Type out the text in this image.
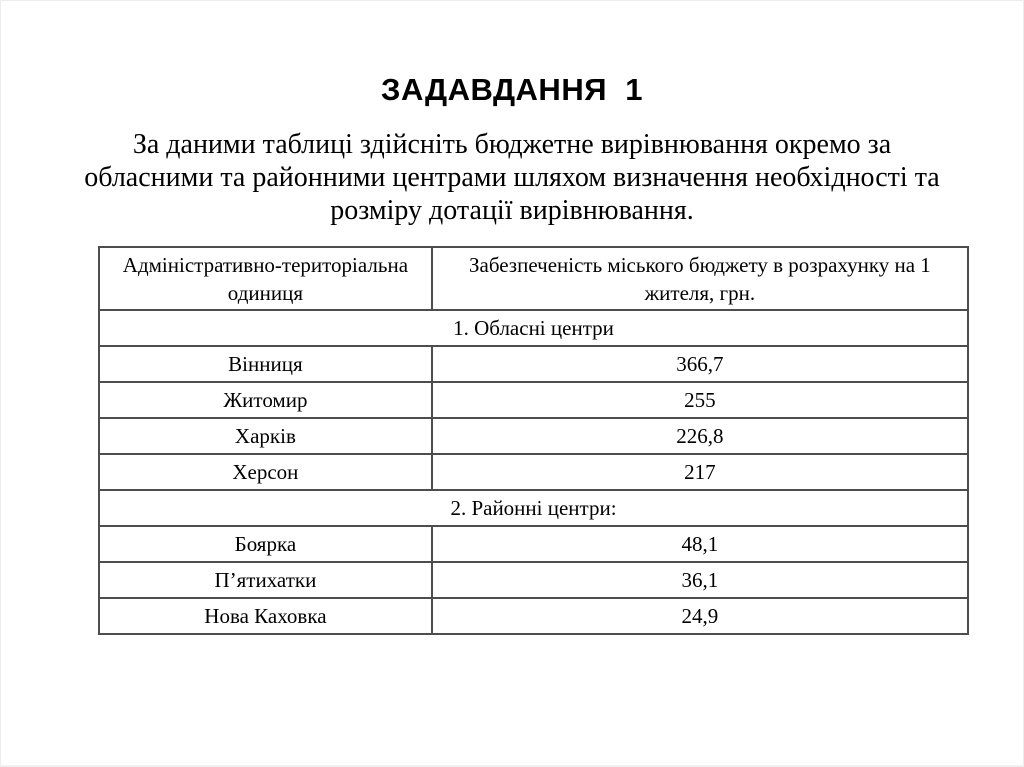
ЗАДАВДАННЯ  1

За даними таблиці здійсніть бюджетне вирівнювання окремо за обласними та районними центрами шляхом визначення необхідності та розміру дотації вирівнювання.

Адміністративно-територіальна одиниця	Забезпеченість міського бюджету в розрахунку на 1 жителя, грн.
1. Обласні центри	
Вінниця	366,7
Житомир	255
Харків	226,8
Херсон	217
2. Районні центри:	
Боярка	48,1
П’ятихатки	36,1
Нова Каховка	24,9
